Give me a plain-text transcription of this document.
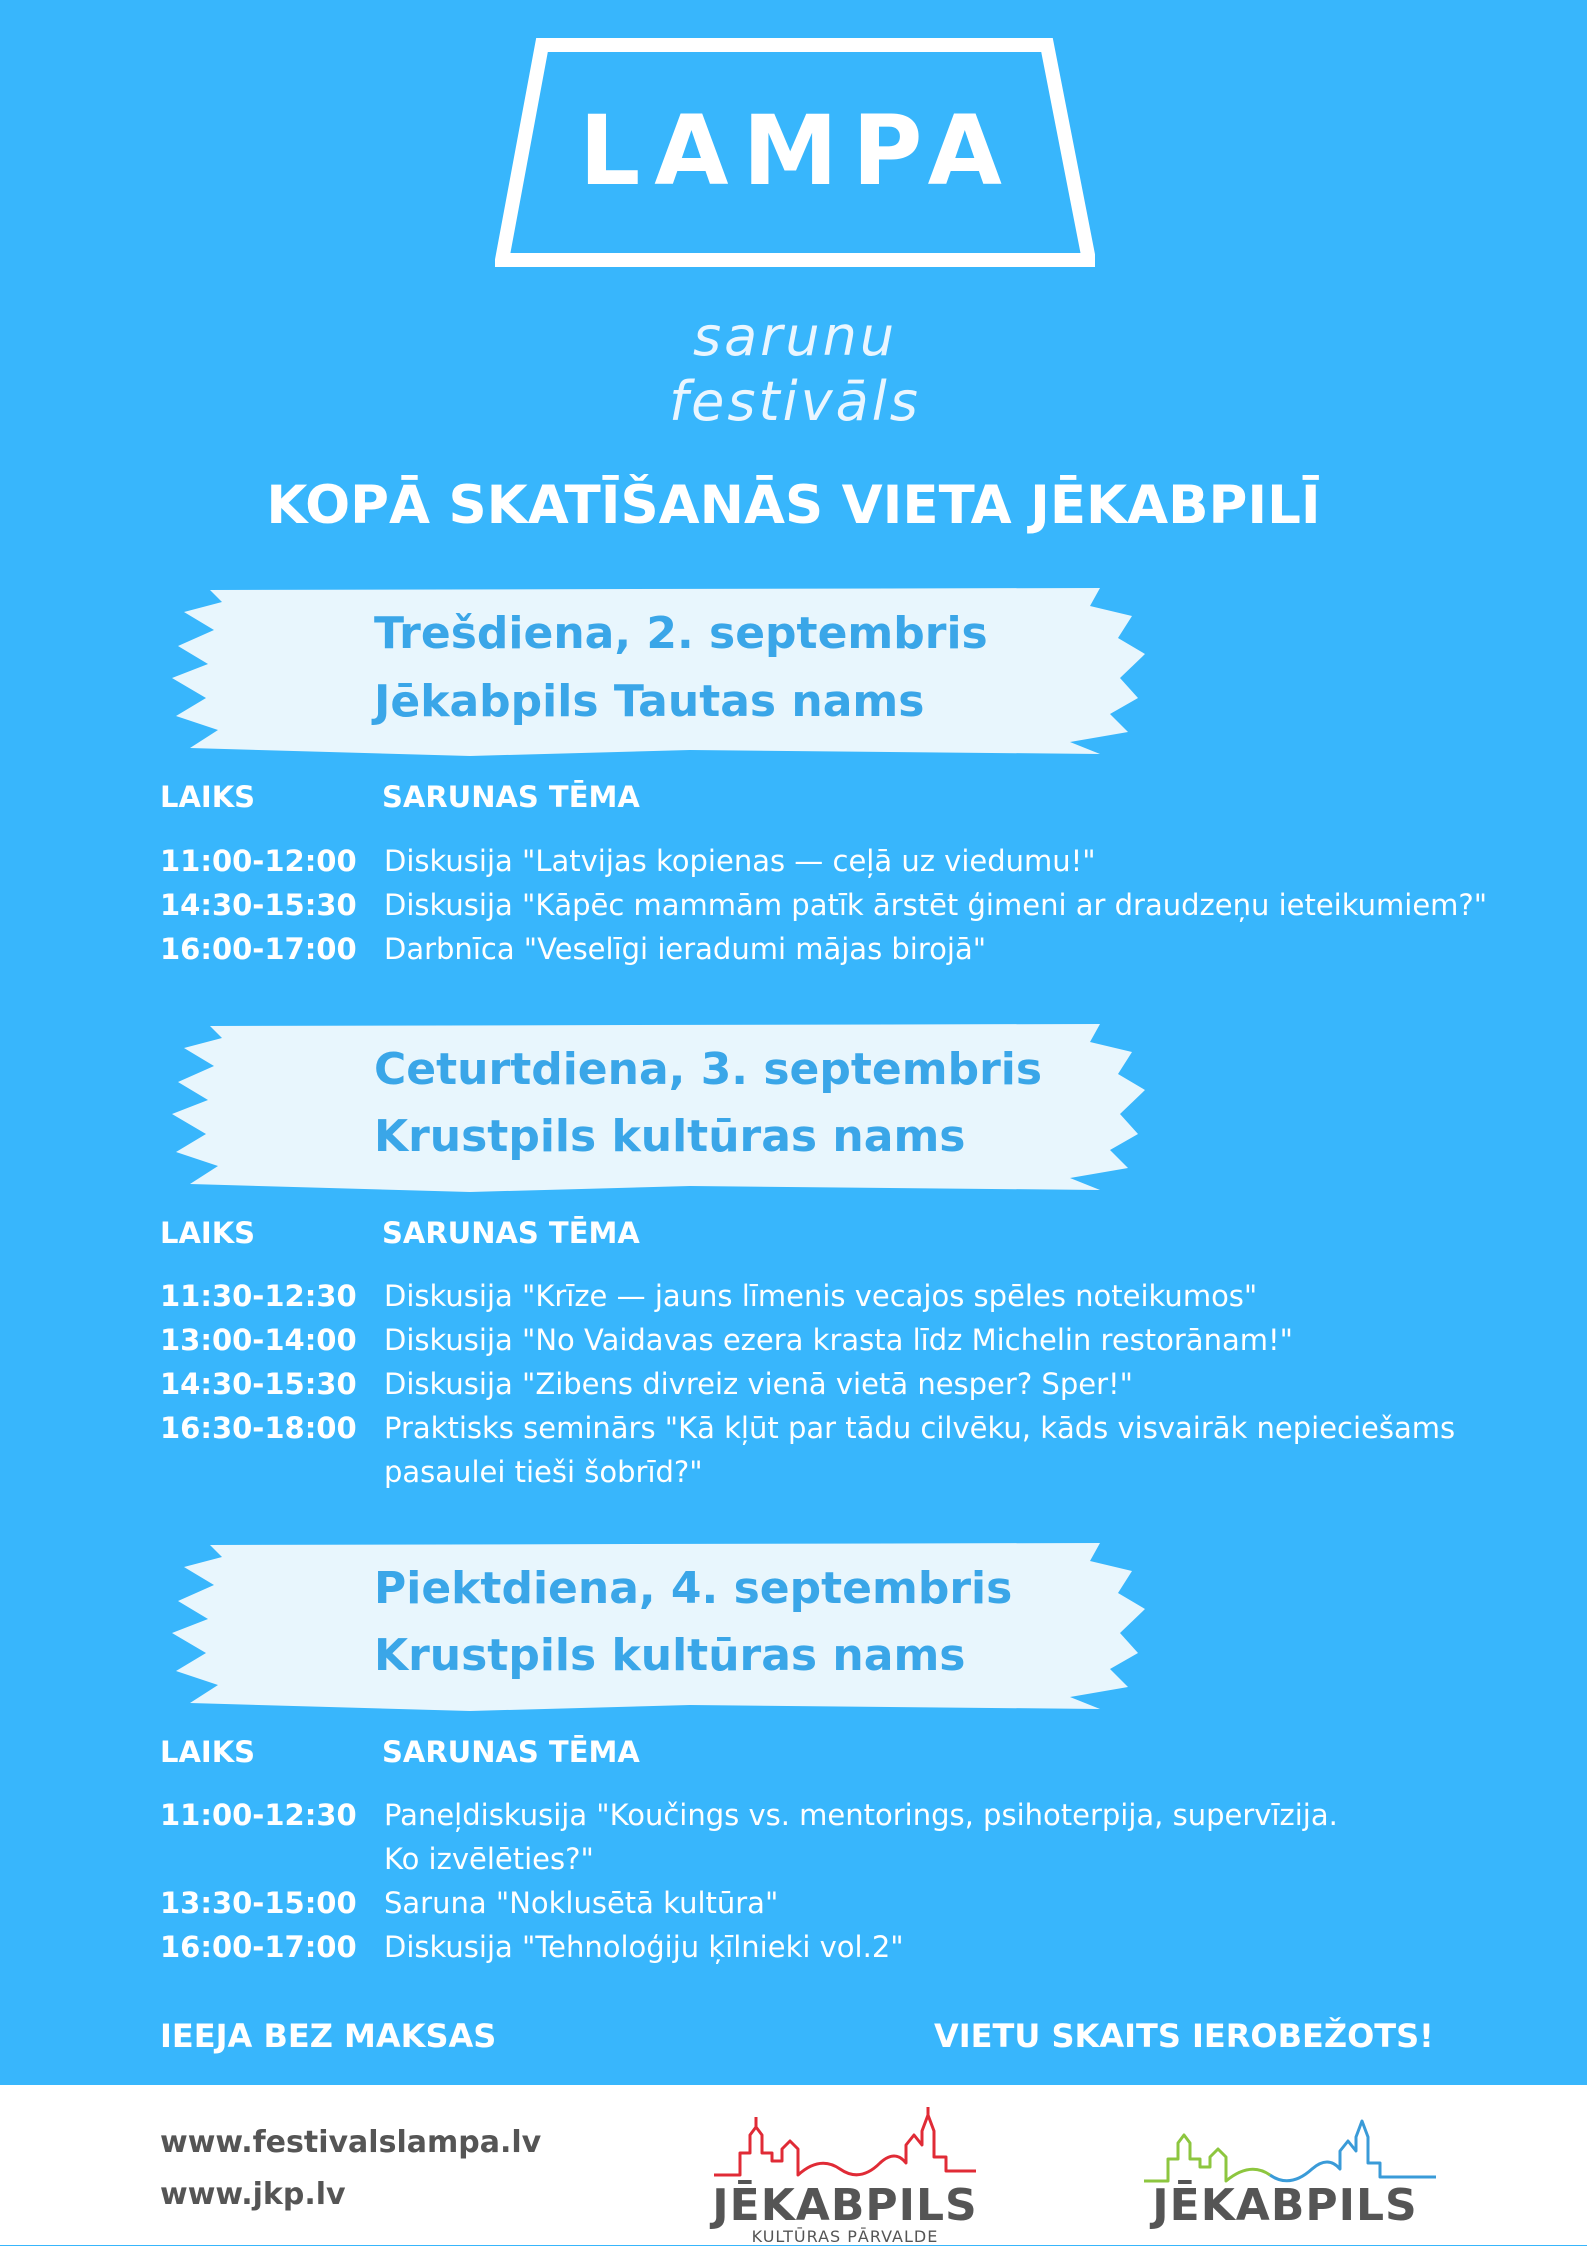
LAMPA
sarunu
festivāls
KOPĀ SKATĪŠANĀS VIETA JĒKABPILĪ
Trešdiena, 2. septembris
Jēkabpils Tautas nams
LAIKS	SARUNAS TĒMA
11:00-12:00 Diskusija "Latvijas kopienas — ceļā uz viedumu!"
14:30-15:30 Diskusija "Kāpēc mammām patīk ārstēt ģimeni ar draudzeņu ieteikumiem?"
16:00-17:00 Darbnīca "Veselīgi ieradumi mājas birojā"
Ceturtdiena, 3. septembris
Krustpils kultūras nams
LAIKS	SARUNAS TĒMA
11:30-12:30 Diskusija "Krīze — jauns līmenis vecajos spēles noteikumos"
13:00-14:00 Diskusija "No Vaidavas ezera krasta līdz Michelin restorānam!"
14:30-15:30 Diskusija "Zibens divreiz vienā vietā nesper? Sper!"
16:30-18:00 Praktisks seminārs "Kā kļūt par tādu cilvēku, kāds visvairāk nepieciešams
pasaulei tieši šobrīd?"
Piektdiena, 4. septembris
Krustpils kultūras nams
LAIKS	SARUNAS TĒMA
11:00-12:30 Paneļdiskusija "Koučings vs. mentorings, psihoterpija, supervīzija.
Ko izvēlēties?"
13:30-15:00 Saruna "Noklusētā kultūra"
16:00-17:00 Diskusija "Tehnoloģiju ķīlnieki vol.2"
IEEJA BEZ MAKSAS	VIETU SKAITS IEROBEŽOTS!
www.festivalslampa.lv
www.jkp.lv	JĒKABPILS
KULTŪRAS PĀRVALDE
JĒKABPILS
